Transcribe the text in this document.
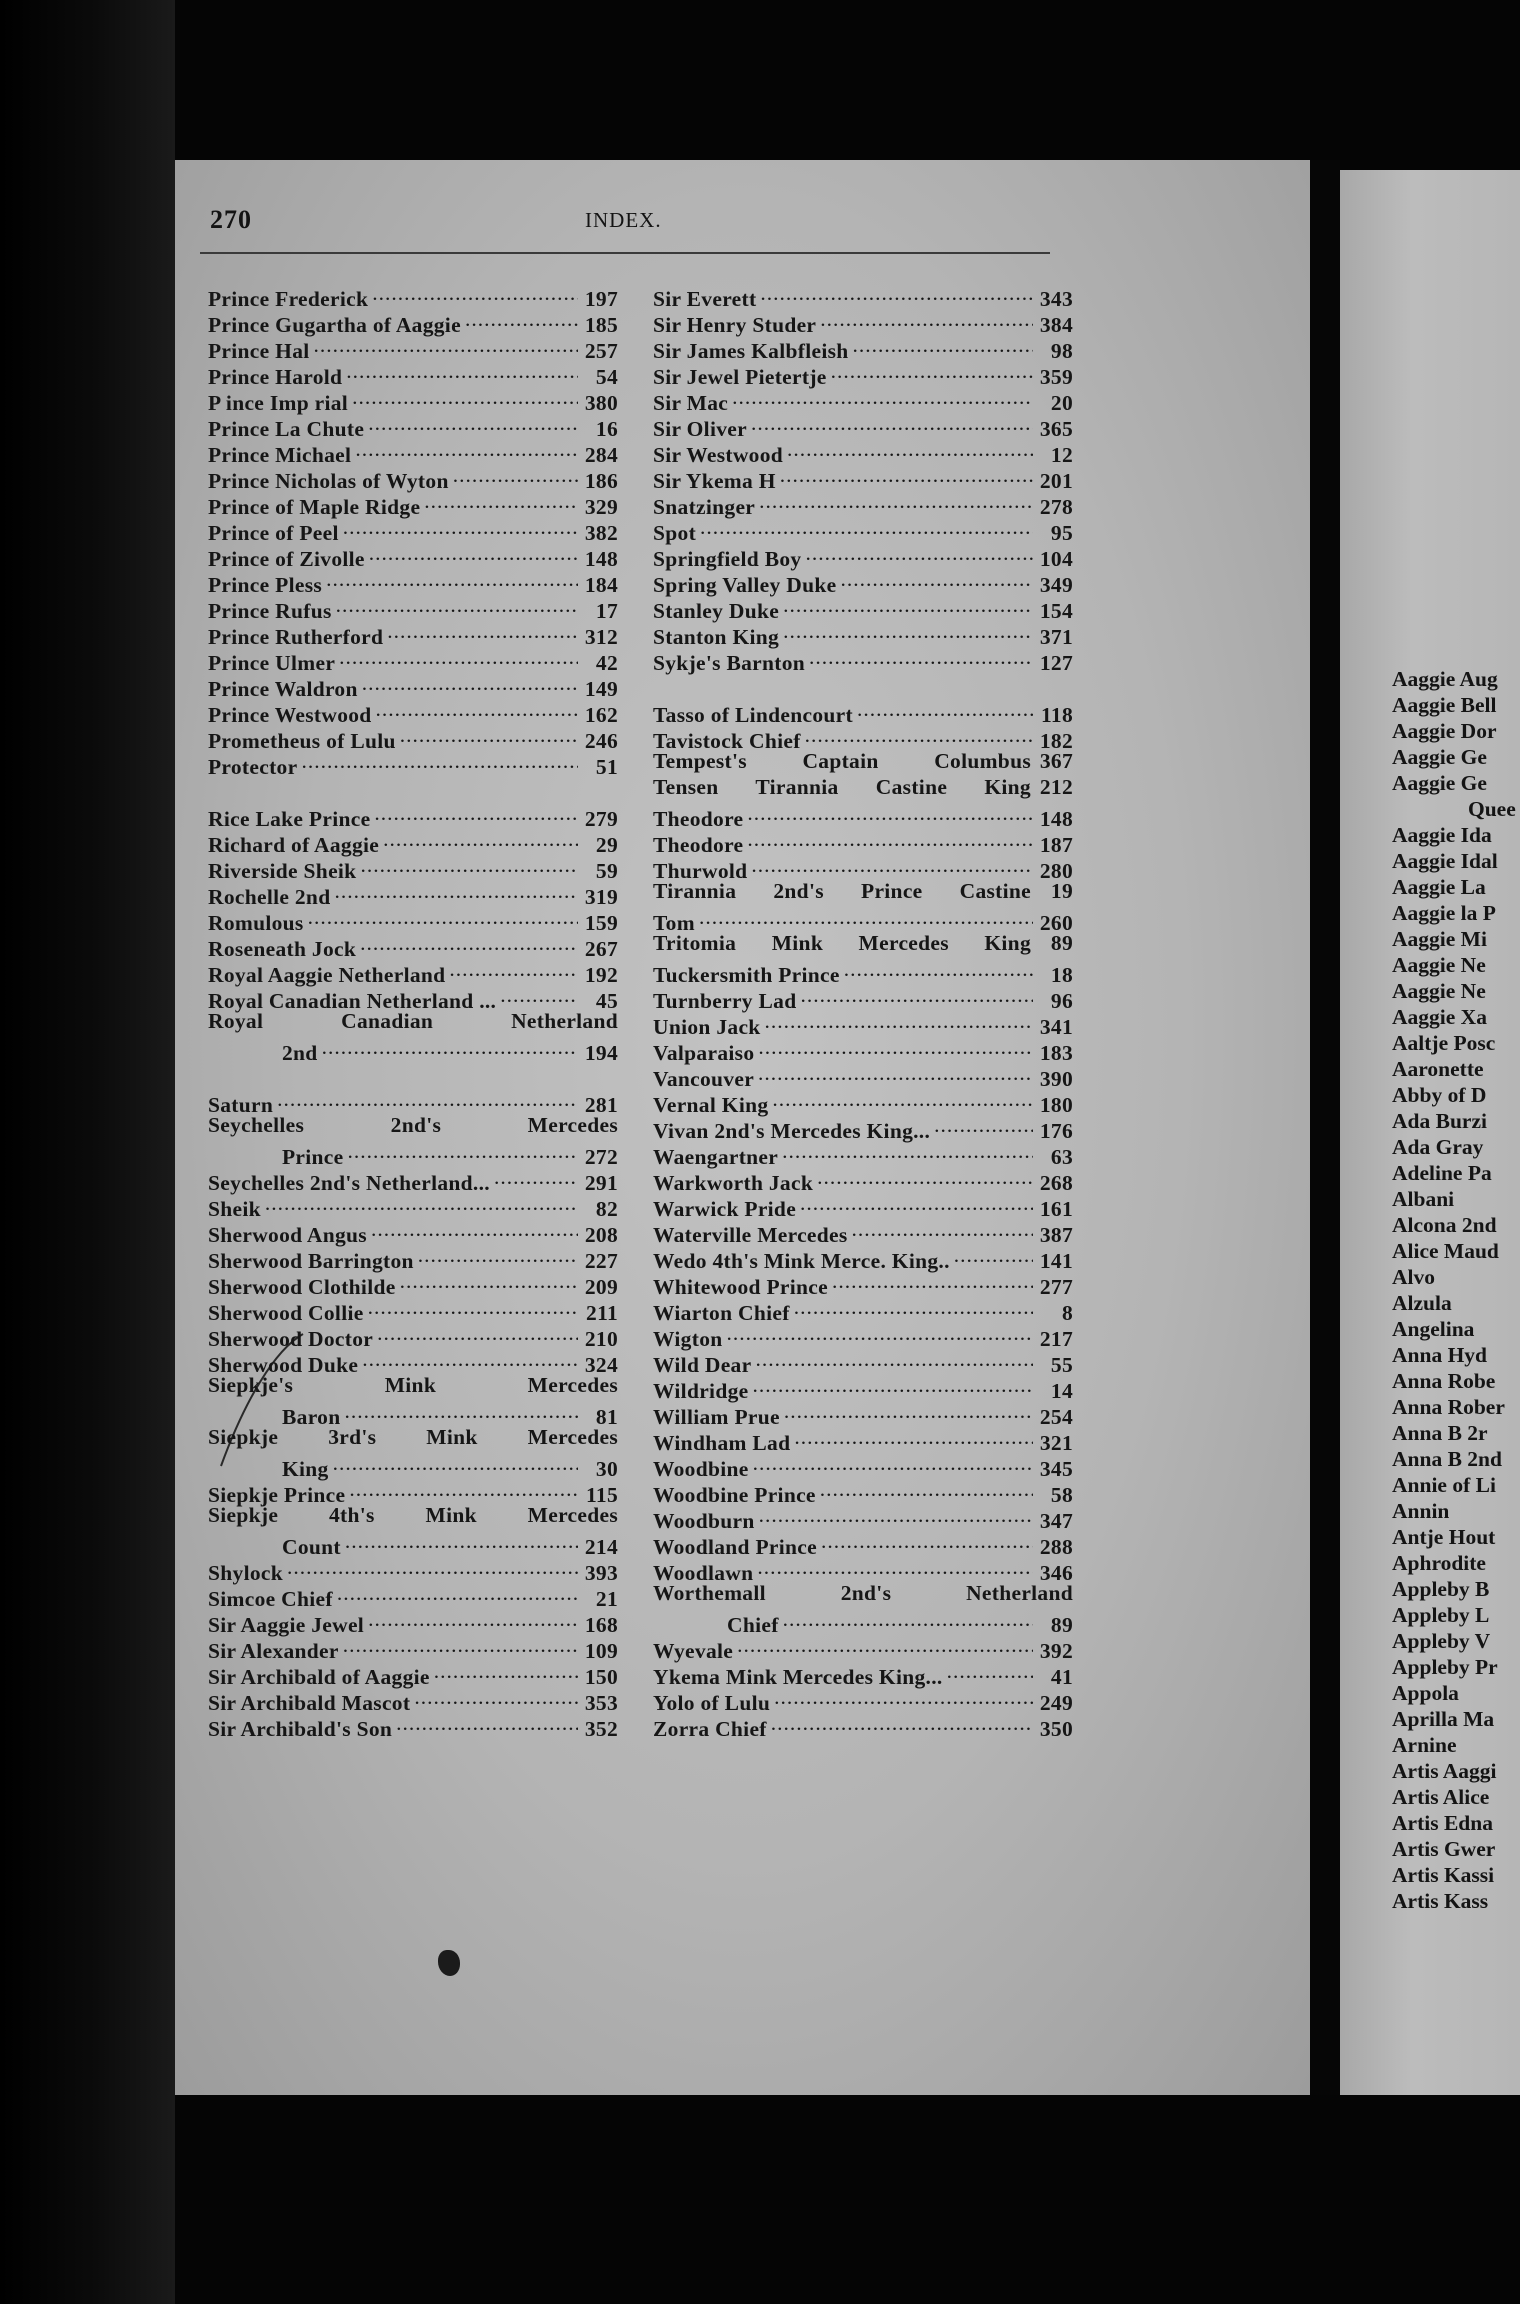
270	INDEX.
Prince Frederick .....	197
Prince Gugartha of Aaggie .....	185
Prince Hal .....	257
Prince Harold .....	54
P ince Imp rial .....	380
Prince La Chute .....	16
Prince Michael .....	284
Prince Nicholas of Wyton .....	186
Prince of Maple Ridge .....	329
Prince of Peel .....	382
Prince of Zivolle .....	148
Prince Pless .....	184
Prince Rufus .....	17
Prince Rutherford .....	312
Prince Ulmer .....	42
Prince Waldron .....	149
Prince Westwood .....	162
Prometheus of Lulu .....	246
Protector .....	51
Rice Lake Prince .....	279
Richard of Aaggie .....	29
Riverside Sheik .....	59
Rochelle 2nd .....	319
Romulous .....	159
Roseneath Jock .....	267
Royal Aaggie Netherland .....	192
Royal Canadian Netherland ... .....	45
Royal Canadian Netherland
2nd .....	194
Saturn .....	281
Seychelles 2nd's Mercedes
Prince .....	272
Seychelles 2nd's Netherland... .....	291
Sheik .....	82
Sherwood Angus .....	208
Sherwood Barrington .....	227
Sherwood Clothilde .....	209
Sherwood Collie .....	211
Sherwood Doctor .....	210
Sherwood Duke .....	324
Siepkje's Mink Mercedes
Baron .....	81
Siepkje 3rd's Mink Mercedes
King .....	30
Siepkje Prince .....	115
Siepkje 4th's Mink Mercedes
Count .....	214
Shylock .....	393
Simcoe Chief .....	21
Sir Aaggie Jewel .....	168
Sir Alexander .....	109
Sir Archibald of Aaggie .....	150
Sir Archibald Mascot .....	353
Sir Archibald's Son .....	352
Sir Everett .....	343
Sir Henry Studer .....	384
Sir James Kalbfleish .....	98
Sir Jewel Pietertje .....	359
Sir Mac .....	20
Sir Oliver .....	365
Sir Westwood .....	12
Sir Ykema H .....	201
Snatzinger .....	278
Spot .....	95
Springfield Boy .....	104
Spring Valley Duke .....	349
Stanley Duke .....	154
Stanton King .....	371
Sykje's Barnton .....	127
Tasso of Lindencourt .....	118
Tavistock Chief .....	182
Tempest's Captain Columbus 367
Tensen Tirannia Castine King 212
Theodore .....	148
Theodore .....	187
Thurwold .....	280
Tirannia 2nd's Prince Castine 19
Tom .....	260
Tritomia Mink Mercedes King 89
Tuckersmith Prince .....	18
Turnberry Lad .....	96
Union Jack .....	341
Valparaiso .....	183
Vancouver .....	390
Vernal King .....	180
Vivan 2nd's Mercedes King... .....	176
Waengartner .....	63
Warkworth Jack .....	268
Warwick Pride .....	161
Waterville Mercedes .....	387
Wedo 4th's Mink Merce. King.. .....	141
Whitewood Prince .....	277
Wiarton Chief .....	8
Wigton .....	217
Wild Dear .....	55
Wildridge .....	14
William Prue .....	254
Windham Lad .....	321
Woodbine .....	345
Woodbine Prince .....	58
Woodburn .....	347
Woodland Prince .....	288
Woodlawn .....	346
Worthemall 2nd's Netherland
Chief .....	89
Wyevale .....	392
Ykema Mink Mercedes King... .....	41
Yolo of Lulu .....	249
Zorra Chief .....	350
Aaggie Aug
Aaggie Bell
Aaggie Dor
Aaggie Ge
Aaggie Ge
Quee
Aaggie Ida
Aaggie Idal
Aaggie La
Aaggie la P
Aaggie Mi
Aaggie Ne
Aaggie Ne
Aaggie Xa
Aaltje Posc
Aaronette
Abby of D
Ada Burzi
Ada Gray
Adeline Pa
Albani
Alcona 2nd
Alice Maud
Alvo
Alzula
Angelina
Anna Hyd
Anna Robe
Anna Rober
Anna B 2r
Anna B 2nd
Annie of Li
Annin
Antje Hout
Aphrodite
Appleby B
Appleby L
Appleby V
Appleby Pr
Appola
Aprilla Ma
Arnine
Artis Aaggi
Artis Alice
Artis Edna
Artis Gwer
Artis Kassi
Artis Kass
